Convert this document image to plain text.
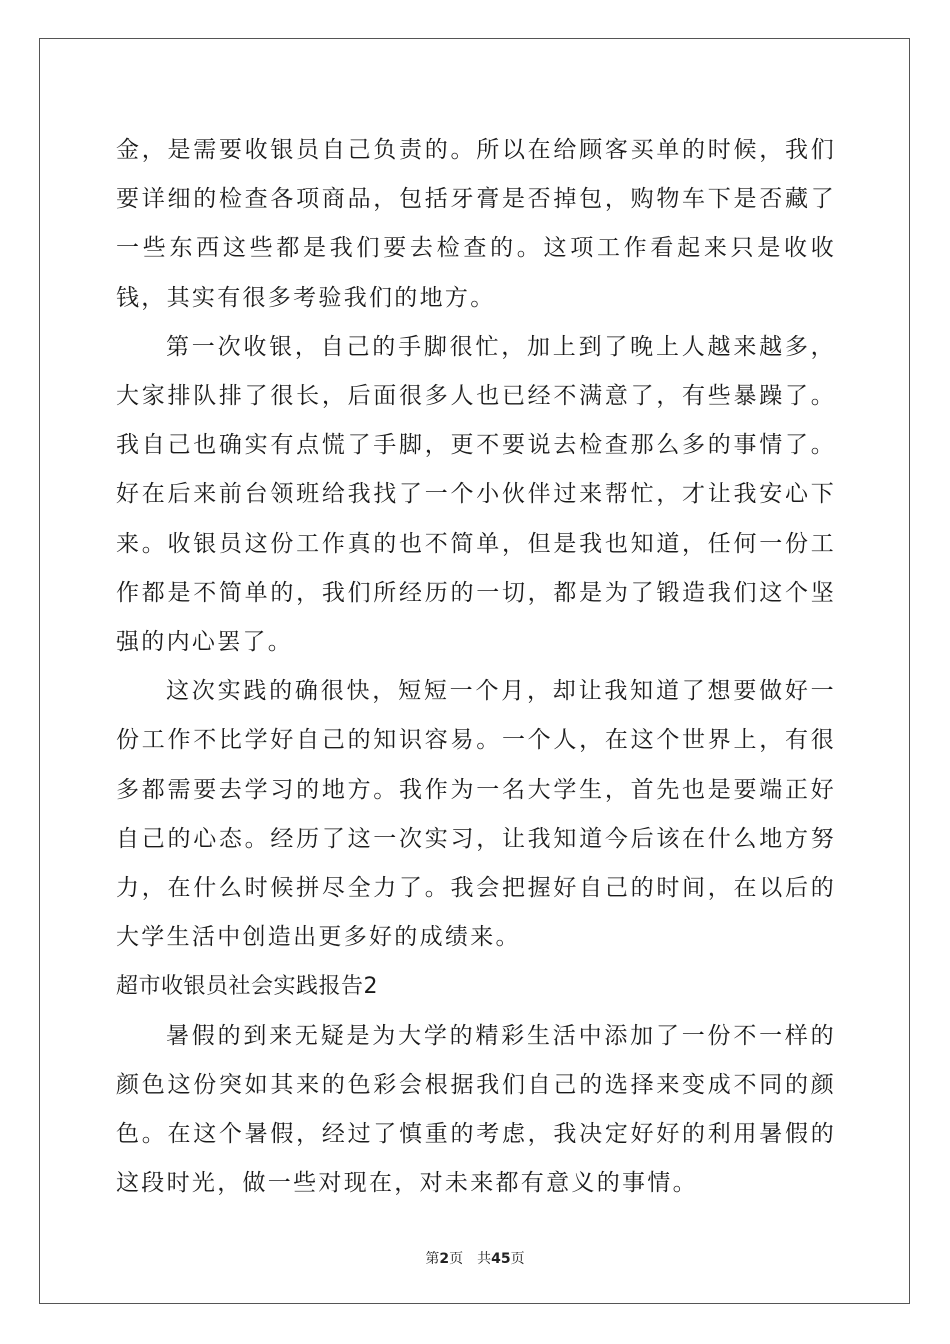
金，是需要收银员自己负责的。所以在给顾客买单的时候，我们要详细的检查各项商品，包括牙膏是否掉包，购物车下是否藏了一些东西这些都是我们要去检查的。这项工作看起来只是收收钱，其实有很多考验我们的地方。

第一次收银，自己的手脚很忙，加上到了晚上人越来越多，大家排队排了很长，后面很多人也已经不满意了，有些暴躁了。我自己也确实有点慌了手脚，更不要说去检查那么多的事情了。好在后来前台领班给我找了一个小伙伴过来帮忙，才让我安心下来。收银员这份工作真的也不简单，但是我也知道，任何一份工作都是不简单的，我们所经历的一切，都是为了锻造我们这个坚强的内心罢了。

这次实践的确很快，短短一个月，却让我知道了想要做好一份工作不比学好自己的知识容易。一个人，在这个世界上，有很多都需要去学习的地方。我作为一名大学生，首先也是要端正好自己的心态。经历了这一次实习，让我知道今后该在什么地方努力，在什么时候拼尽全力了。我会把握好自己的时间，在以后的大学生活中创造出更多好的成绩来。

超市收银员社会实践报告2

暑假的到来无疑是为大学的精彩生活中添加了一份不一样的颜色这份突如其来的色彩会根据我们自己的选择来变成不同的颜色。在这个暑假，经过了慎重的考虑，我决定好好的利用暑假的这段时光，做一些对现在，对未来都有意义的事情。

第2页 共45页
